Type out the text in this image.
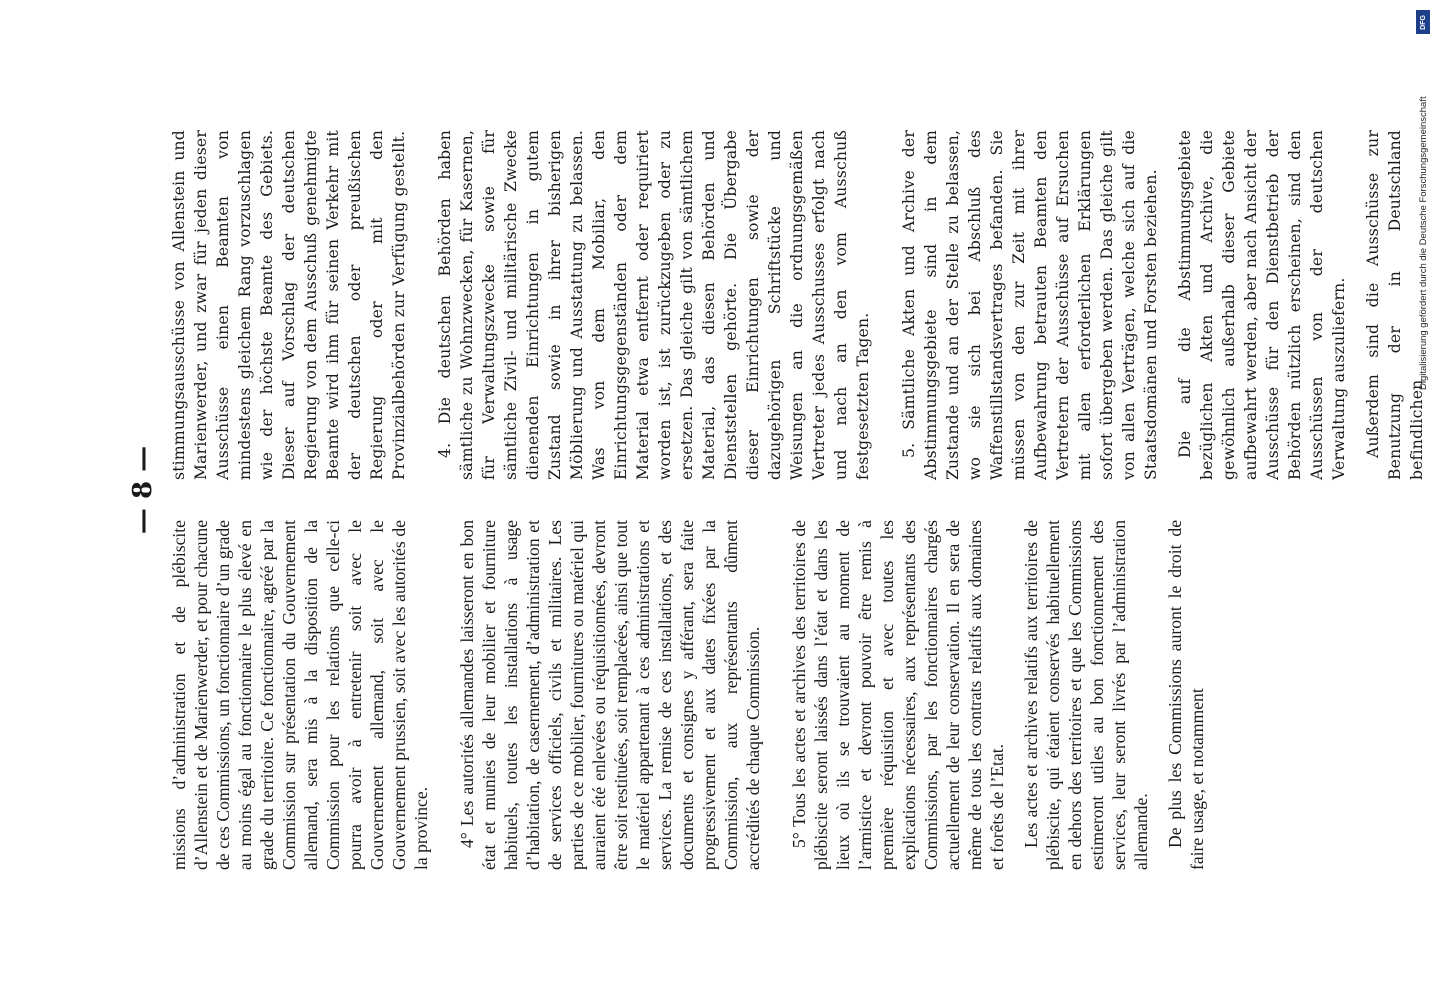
— 8 —

missions d’administration et de plébiscite d’Allenstein et de Marienwerder, et pour chacune de ces Commissions, un fonctionnaire d’un grade au moins égal au fonctionnaire le plus élevé en grade du territoire. Ce fonctionnaire, agréé par la Commission sur présentation du Gouvernement allemand, sera mis à la disposition de la Commission pour les relations que celle-ci pourra avoir à entretenir soit avec le Gouvernement allemand, soit avec le Gouvernement prussien, soit avec les autorités de la province. 4° Les autorités allemandes laisseront en bon état et munies de leur mobilier et fourniture habituels, toutes les installations à usage d’habitation, de casernement, d’administration et de services officiels, civils et militaires. Les parties de ce mobilier, fournitures ou matériel qui auraient été enlevées ou réquisitionnées, devront être soit restituées, soit remplacées, ainsi que tout le matériel appartenant à ces administrations et services. La remise de ces installations, et des documents et consignes y afférant, sera faite progressivement et aux dates fixées par la Commission, aux représentants dûment accrédités de chaque Commission. 5° Tous les actes et archives des territoires de plébiscite seront laissés dans l’état et dans les lieux où ils se trouvaient au moment de l’armistice et devront pouvoir être remis à première réquisition et avec toutes les explications nécessaires, aux représentants des Commissions, par les fonctionnaires chargés actuellement de leur conservation. Il en sera de même de tous les contrats relatifs aux domaines et forêts de l’Etat. Les actes et archives relatifs aux territoires de plébiscite, qui étaient conservés habituellement en dehors des territoires et que les Commissions estimeront utiles au bon fonctionnement des services, leur seront livrés par l’administration allemande. De plus les Commissions auront le droit de faire usage, et notamment

stimmungsausschüsse von Allenstein und Marienwerder, und zwar für jeden dieser Ausschüsse einen Beamten von mindestens gleichem Rang vorzuschlagen wie der höchste Beamte des Gebiets. Dieser auf Vorschlag der deutschen Regierung von dem Ausschuß genehmigte Beamte wird ihm für seinen Verkehr mit der deutschen oder preußischen Regierung oder mit den Provinzialbehörden zur Verfügung gestellt. 4. Die deutschen Behörden haben sämtliche zu Wohnzwecken, für Kasernen, für Verwaltungszwecke sowie für sämtliche Zivil- und militärische Zwecke dienenden Einrichtungen in gutem Zustand sowie in ihrer bisherigen Möblierung und Ausstattung zu belassen. Was von dem Mobiliar, den Einrichtungsgegenständen oder dem Material etwa entfernt oder requiriert worden ist, ist zurückzugeben oder zu ersetzen. Das gleiche gilt von sämtlichem Material, das diesen Behörden und Dienststellen gehörte. Die Übergabe dieser Einrichtungen sowie der dazugehörigen Schriftstücke und Weisungen an die ordnungsgemäßen Vertreter jedes Ausschusses erfolgt nach und nach an den vom Ausschuß festgesetzten Tagen. 5. Sämtliche Akten und Archive der Abstimmungsgebiete sind in dem Zustande und an der Stelle zu belassen, wo sie sich bei Abschluß des Waffenstillstandsvertrages befanden. Sie müssen von den zur Zeit mit ihrer Aufbewahrung betrauten Beamten den Vertretern der Ausschüsse auf Ersuchen mit allen erforderlichen Erklärungen sofort übergeben werden. Das gleiche gilt von allen Verträgen, welche sich auf die Staatsdomänen und Forsten beziehen. Die auf die Abstimmungsgebiete bezüglichen Akten und Archive, die gewöhnlich außerhalb dieser Gebiete aufbewahrt werden, aber nach Ansicht der Ausschüsse für den Dienstbetrieb der Behörden nützlich erscheinen, sind den Ausschüssen von der deutschen Verwaltung auszuliefern. Außerdem sind die Ausschüsse zur Benutzung der in Deutschland befindlichen

DFG
Digitalisierung gefördert durch die Deutsche Forschungsgemeinschaft
